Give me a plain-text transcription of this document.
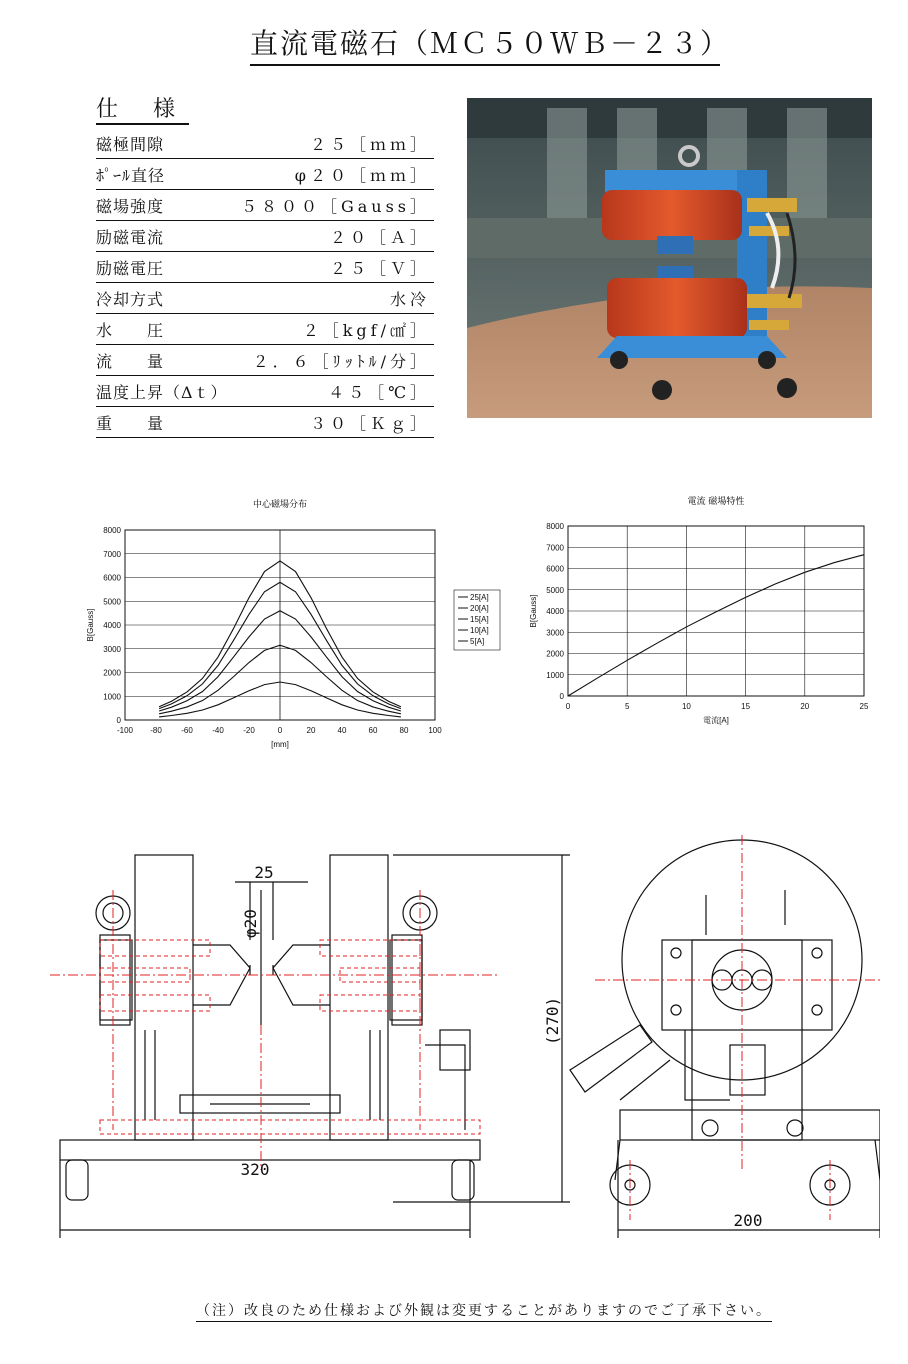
直流電磁石（ＭＣ５０ＷＢ－２３）
仕 様
磁極間隙	２５［ｍｍ］
ﾎﾟｰﾙ直径	φ２０［ｍｍ］
磁場強度	５８００［Gauss］
励磁電流	２０［Ａ］
励磁電圧	２５［Ｖ］
冷却方式	水冷
水　　圧	２［kgf/㎠］
流　　量	２．６［ﾘｯﾄﾙ/分］
温度上昇（Δｔ）	４５［℃］
重　　量	３０［Ｋｇ］
中心磁場分布
0
1000
2000
3000
4000
5000
6000
7000
8000
-100 -80 -60 -40 -20	0	20	40	60	80 100
[mm]
B[Gauss]
25[A]
20[A]
15[A]
10[A]
5[A]
電流 磁場特性
0
1000
2000
3000
4000
5000
6000
7000
8000
0	5	10	15	20	25
電流[A]
B[Gauss]
320
200
25
φ20
(270)
（注）改良のため仕様および外観は変更することがありますのでご了承下さい。
